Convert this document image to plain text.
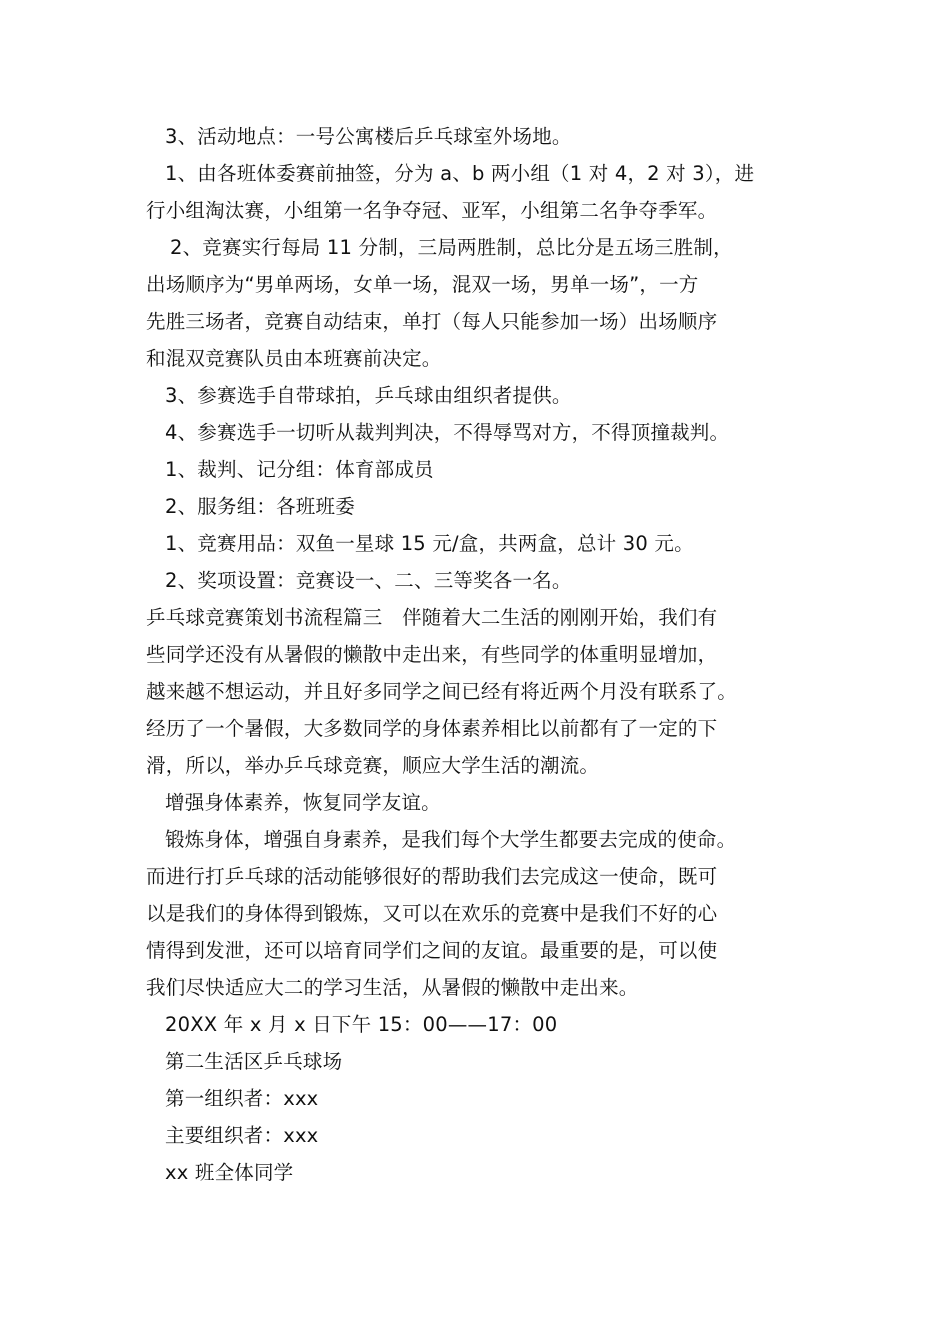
3、活动地点：一号公寓楼后乒乓球室外场地。
1、由各班体委赛前抽签，分为 a、b 两小组（1 对 4，2 对 3），进
行小组淘汰赛，小组第一名争夺冠、亚军，小组第二名争夺季军。
2、竞赛实行每局 11 分制，三局两胜制，总比分是五场三胜制，
出场顺序为“男单两场，女单一场，混双一场，男单一场”，一方
先胜三场者，竞赛自动结束，单打（每人只能参加一场）出场顺序
和混双竞赛队员由本班赛前决定。
3、参赛选手自带球拍，乒乓球由组织者提供。
4、参赛选手一切听从裁判判决，不得辱骂对方，不得顶撞裁判。
1、裁判、记分组：体育部成员
2、服务组：各班班委
1、竞赛用品：双鱼一星球 15 元/盒，共两盒，总计 30 元。
2、奖项设置：竞赛设一、二、三等奖各一名。
乒乓球竞赛策划书流程篇三　伴随着大二生活的刚刚开始，我们有
些同学还没有从暑假的懒散中走出来，有些同学的体重明显增加，
越来越不想运动，并且好多同学之间已经有将近两个月没有联系了。
经历了一个暑假，大多数同学的身体素养相比以前都有了一定的下
滑，所以，举办乒乓球竞赛，顺应大学生活的潮流。
增强身体素养，恢复同学友谊。
锻炼身体，增强自身素养，是我们每个大学生都要去完成的使命。
而进行打乒乓球的活动能够很好的帮助我们去完成这一使命，既可
以是我们的身体得到锻炼，又可以在欢乐的竞赛中是我们不好的心
情得到发泄，还可以培育同学们之间的友谊。最重要的是，可以使
我们尽快适应大二的学习生活，从暑假的懒散中走出来。
20XX 年 x 月 x 日下午 15：00——17：00
第二生活区乒乓球场
第一组织者：xxx
主要组织者：xxx
xx 班全体同学
